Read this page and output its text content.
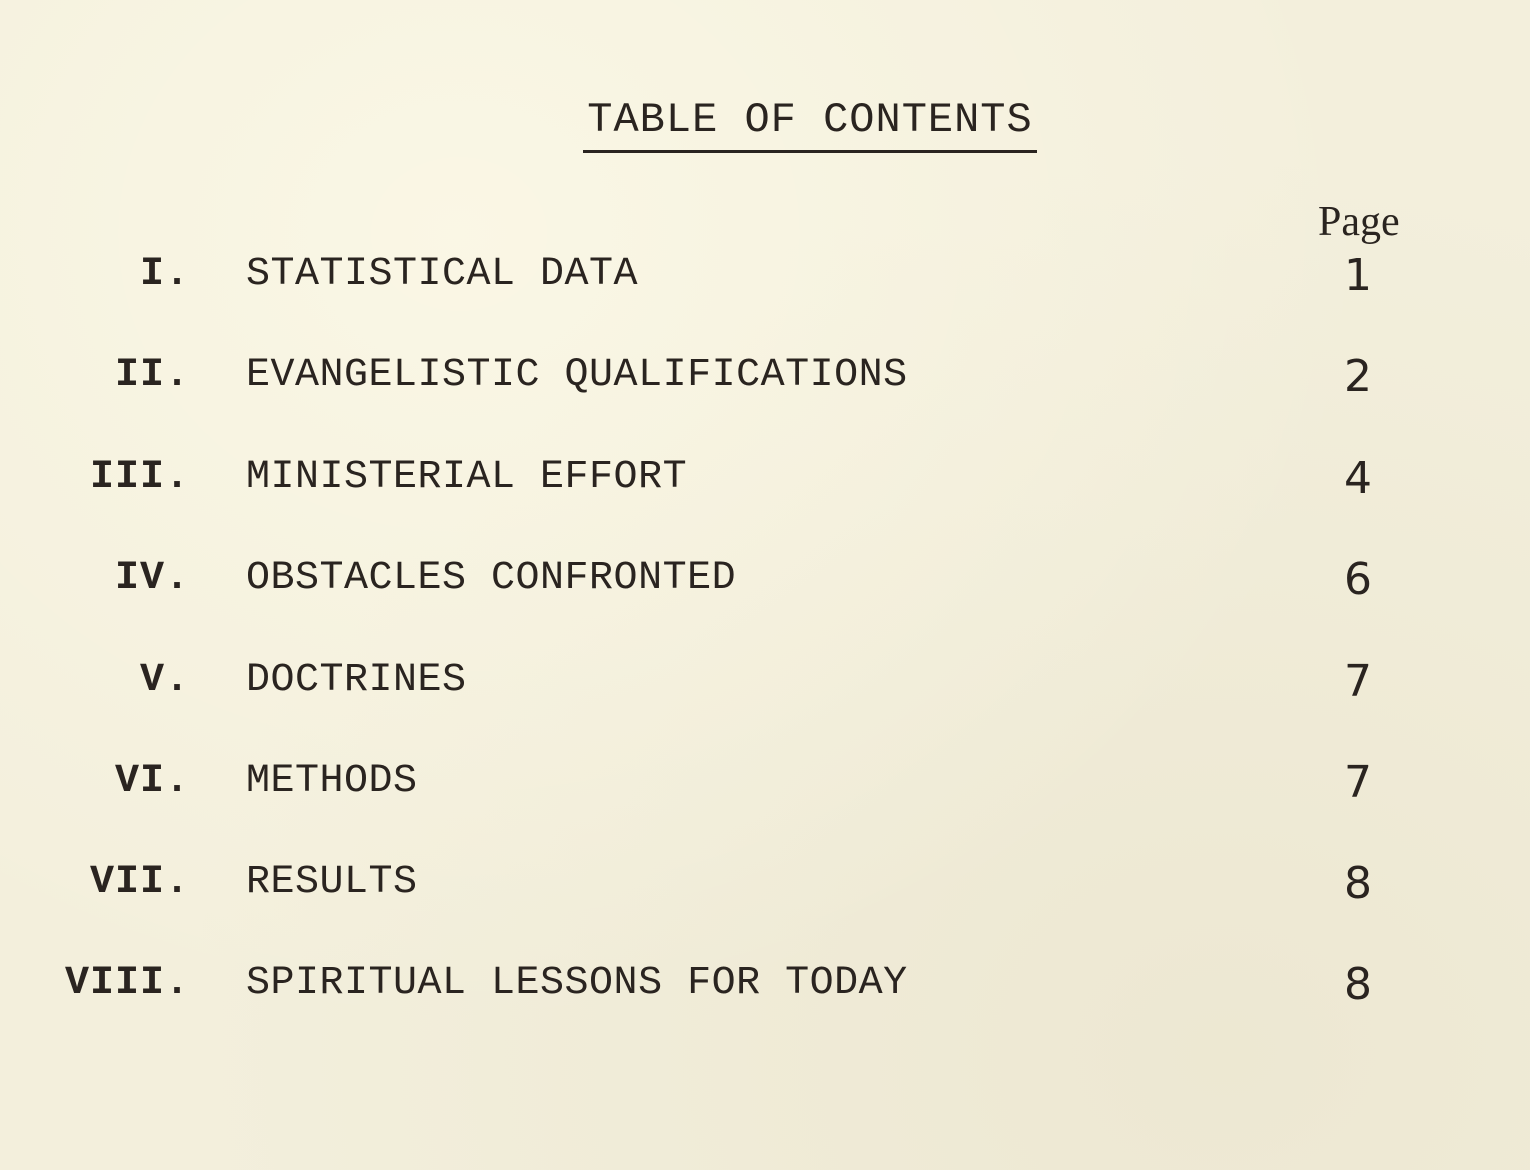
TABLE OF CONTENTS
Page
I. STATISTICAL DATA	1
II. EVANGELISTIC QUALIFICATIONS	2
III. MINISTERIAL EFFORT	4
IV. OBSTACLES CONFRONTED	6
V. DOCTRINES	7
VI. METHODS	7
VII. RESULTS	8
VIII. SPIRITUAL LESSONS FOR TODAY	8
